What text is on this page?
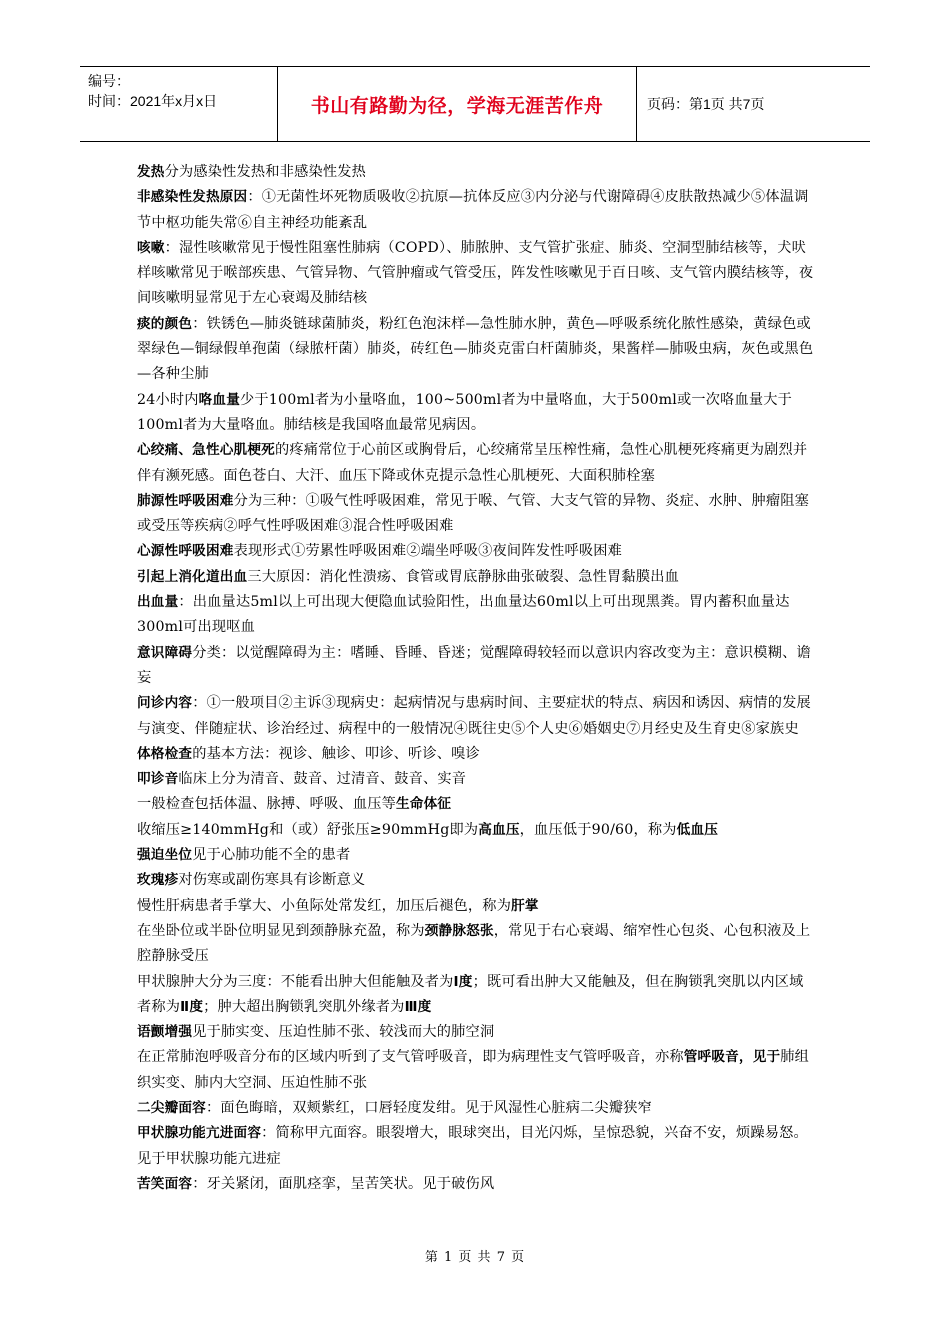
编号：
时间：2021年x月x日	书山有路勤为径，学海无涯苦作舟	页码：第1页 共7页

发热分为感染性发热和非感染性发热

非感染性发热原因：①无菌性坏死物质吸收②抗原—抗体反应③内分泌与代谢障碍④皮肤散热减少⑤体温调节中枢功能失常⑥自主神经功能紊乱

咳嗽：湿性咳嗽常见于慢性阻塞性肺病（COPD）、肺脓肿、支气管扩张症、肺炎、空洞型肺结核等，犬吠样咳嗽常见于喉部疾患、气管异物、气管肿瘤或气管受压，阵发性咳嗽见于百日咳、支气管内膜结核等，夜间咳嗽明显常见于左心衰竭及肺结核

痰的颜色：铁锈色—肺炎链球菌肺炎，粉红色泡沫样—急性肺水肿，黄色—呼吸系统化脓性感染，黄绿色或翠绿色—铜绿假单孢菌（绿脓杆菌）肺炎，砖红色—肺炎克雷白杆菌肺炎，果酱样—肺吸虫病，灰色或黑色—各种尘肺

24小时内咯血量少于100ml者为小量咯血，100~500ml者为中量咯血，大于500ml或一次咯血量大于100ml者为大量咯血。肺结核是我国咯血最常见病因。

心绞痛、急性心肌梗死的疼痛常位于心前区或胸骨后，心绞痛常呈压榨性痛，急性心肌梗死疼痛更为剧烈并伴有濒死感。面色苍白、大汗、血压下降或休克提示急性心肌梗死、大面积肺栓塞

肺源性呼吸困难分为三种：①吸气性呼吸困难，常见于喉、气管、大支气管的异物、炎症、水肿、肿瘤阻塞或受压等疾病②呼气性呼吸困难③混合性呼吸困难

心源性呼吸困难表现形式①劳累性呼吸困难②端坐呼吸③夜间阵发性呼吸困难

引起上消化道出血三大原因：消化性溃疡、食管或胃底静脉曲张破裂、急性胃黏膜出血

出血量：出血量达5ml以上可出现大便隐血试验阳性，出血量达60ml以上可出现黑粪。胃内蓄积血量达300ml可出现呕血

意识障碍分类：以觉醒障碍为主：嗜睡、昏睡、昏迷；觉醒障碍较轻而以意识内容改变为主：意识模糊、谵妄

问诊内容：①一般项目②主诉③现病史：起病情况与患病时间、主要症状的特点、病因和诱因、病情的发展与演变、伴随症状、诊治经过、病程中的一般情况④既往史⑤个人史⑥婚姻史⑦月经史及生育史⑧家族史

体格检查的基本方法：视诊、触诊、叩诊、听诊、嗅诊

叩诊音临床上分为清音、鼓音、过清音、鼓音、实音

一般检查包括体温、脉搏、呼吸、血压等生命体征

收缩压≥140mmHg和（或）舒张压≥90mmHg即为高血压，血压低于90/60，称为低血压

强迫坐位见于心肺功能不全的患者

玫瑰疹对伤寒或副伤寒具有诊断意义

慢性肝病患者手掌大、小鱼际处常发红，加压后褪色，称为肝掌

在坐卧位或半卧位明显见到颈静脉充盈，称为颈静脉怒张，常见于右心衰竭、缩窄性心包炎、心包积液及上腔静脉受压

甲状腺肿大分为三度：不能看出肿大但能触及者为Ⅰ度；既可看出肿大又能触及，但在胸锁乳突肌以内区域者称为Ⅱ度；肿大超出胸锁乳突肌外缘者为Ⅲ度

语颤增强见于肺实变、压迫性肺不张、较浅而大的肺空洞

在正常肺泡呼吸音分布的区域内听到了支气管呼吸音，即为病理性支气管呼吸音，亦称管呼吸音，见于肺组织实变、肺内大空洞、压迫性肺不张

二尖瓣面容：面色晦暗，双颊紫红，口唇轻度发绀。见于风湿性心脏病二尖瓣狭窄

甲状腺功能亢进面容：简称甲亢面容。眼裂增大，眼球突出，目光闪烁，呈惊恐貌，兴奋不安，烦躁易怒。见于甲状腺功能亢进症

苦笑面容：牙关紧闭，面肌痉挛，呈苦笑状。见于破伤风

第 1 页 共 7 页
